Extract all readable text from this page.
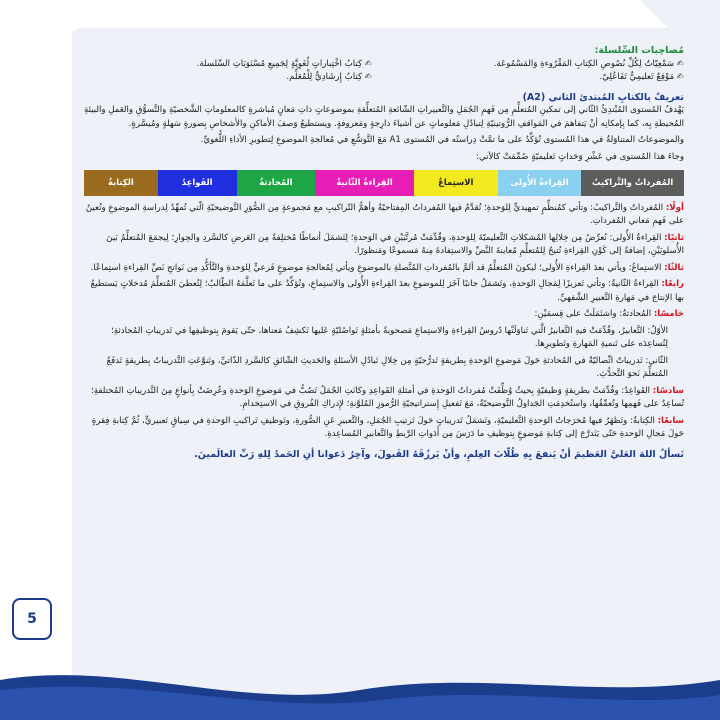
مُصاحِبات السِّلسلة:
✍ سَمْعِيّاتٌ لِكُلِّ نُصُوصِ الكِتابِ المَقْرُوءةِ وَالمَسْمُوعَة.
✍ كِتابُ اخْتِباراتٍ لُغَوِيَّةٍ لِجَمِيعِ مُسْتَوَيَاتِ السِّلسلة.
✍ مَوْقِعٌ تَعليمِيٌّ تَفَاعُلِيّ.
✍ كِتابٌ إِرشَادِيٌّ لِلْمُعَلِّم.
تعريفٌ بالكتابِ المُبتدئ الثاني (A2)

يَهْدفُ المُستوى المُبْتدِئُ الثّاني إلى تمكينِ المُتعلِّمِ مِن فَهمِ الجُمَلِ والتَّعبيراتِ الشّائعةِ المُتعلِّقةِ بموضوعاتٍ ذاتِ مَعانٍ مُباشرةٍ كالمعلوماتِ الشَّخصيّةِ والتَّسوُّقِ والعَملِ والبيئةِ المُحيطةِ بِه، كما بِإمكانِه أنْ يَتفاهمَ في المَواقفِ الرُّوتينيّةِ لِتبادُلِ مَعلوماتٍ عن أشياءَ دارِجةٍ ومَعروفةٍ. ويستطيعُ وَصفَ الأماكنِ والأشخاصِ بِصورةٍ سَهلةٍ ومُيسَّرةٍ.

والموضوعاتُ المتناوَلةُ في هذا المُستوى تُؤكِّدُ على ما تمَّتْ دِراستُه في المُستوى A1 مَعَ التَّوسُّعِ في مُعالجةِ الموضوعِ لِتطويرِ الأداءِ اللُّغويِّ.

وجاءَ هذا المُستوى في عَشْرِ وَحَداتٍ تَعليميّةٍ صُمِّمَتْ كالآتي:

المُفرداتُ والتَّراكيبُ
القِراءةُ الأُولى
الاستِماعُ
القِراءةُ الثّانيةُ
المُحادثةُ
القَواعِدُ
الكِتابةُ

أولًا: المُفرداتُ والتَّراكيبُ: وتأتي كمُنظِّمٍ تمهيديٍّ لِلوَحدةِ؛ تُقدَّمُ فيها المُفرداتُ المِفتاحيّةُ وأهمُّ التّراكيبِ مع مَجموعةٍ مِن الصُّوَرِ التَّوضيحيّةِ الّتي تُمهِّدُ لِدراسةِ الموضوعِ وتُعينُ على فَهمِ مَعاني المُفرداتِ.

ثانيًا: القِراءةُ الأُولى: نُعرِّضُ مِن خِلالِها المُشكلاتِ التَّعليميّةَ لِلوَحدةِ، وقُدِّمَتْ مُرتَّبَيْنِ في الوَحدةِ؛ لِتَشمَلَ أنماطًا مُختلِفةً مِن العَرضِ كالسَّردِ والحِوارِ؛ لِيجمَعَ المُتعلِّمُ بَينَ الأُسلوبَيْنِ، إضافةً إلى كَوْنِ القِراءةِ تُتيحُ لِلمُتعلِّمِ مُعاينةَ النَّصِّ والاستِفادةَ مِنهُ مَسموعًا ومَنظورًا.

ثالثًا: الاستِماعُ: ويأتي بعدَ القِراءةِ الأُولى؛ ليكونَ المُتعلِّمُ قد ألمَّ بالمُفرداتِ المُتَّصلةِ بالموضوعِ ويأتي لِمُعالجةِ موضوعٍ فَرعيٍّ لِلوَحدةِ والتَّأكُّدِ مِن نَواتجِ نَصِّ القِراءةِ استِماعًا.

رابعًا: القِراءةُ الثّانيةُ: وتأتي تَعزيزًا لِمَجالِ الوَحدةِ، وتَشمَلُ جانبًا آخَرَ لِلموضوعِ بعدَ القِراءةِ الأُولى والاستِماعِ، وتُؤكِّدُ على ما تَعلَّمَهُ الطّالبُ؛ لِتُعطيَ المُتعلِّمَ مُدخلاتٍ يَستطيعُ بها الإنتاجَ في مَهارةِ التَّعبيرِ الشَّفهيِّ.

خامسًا: المُحادثةُ: واشتَمَلَتْ على قِسمَيْنِ:

الأوّلُ: التَّعابيرُ، وقُدِّمَتْ فيهِ التَّعابيرُ الَّتي تَناوَلَتْها دُروسُ القِراءةِ والاستِماعِ مَصحوبةً بأمثلةٍ تَواصُليّةٍ عَليها تَكشِفُ مَعناها، حتّى يَقومَ بِتوظيفِها في تَدريباتِ المُحادثةِ؛ لِتُساعِدَه على تَنميةِ المَهارةِ وتَطويرِها.

الثّاني: تَدريباتٌ اتِّصاليّةٌ في المُحادثةِ حَولَ مَوضوعِ الوَحدةِ بِطريقةٍ تَدرُّجيّةٍ مِن خِلالِ تَبادُلِ الأسئلةِ والحَديثِ الشّائقِ كالسَّردِ الذّاتيِّ، وتَنوَّعَتِ التَّدريباتُ بِطريقةٍ تَدفَعُ المُتعلِّمَ نَحوَ التَّحدُّثِ.

سادسًا: القَواعِدُ: وقُدِّمَتْ بطريقةٍ وَظيفيّةٍ بِحيثُ وُظِّفَتْ مُفرداتُ الوَحدةِ في أمثلةِ القَواعِدِ وكانَتِ الجُمَلُ تَصُبُّ في مَوضوعِ الوَحدةِ وعُرِضَتْ بِأنواعٍ مِنَ التَّدريباتِ المُختلفةِ؛ تُساعِدُ على فَهمِها وتُعمِّقُها، واستُخدِمَتِ الجَداولُ التَّوضيحيّةُ، مَعَ تَفعيلِ إِستراتيجيّةِ الرُّموزِ المُلوَّنةِ؛ لإِدراكِ الفُروقِ في الاستِخدامِ.

سابعًا: الكِتابةُ: وتَظهَرُ فيها مُخرَجاتُ الوَحدةِ التَّعليميّةِ، وتَشمَلُ تَدريباتٍ حَولَ تَرتيبِ الجُمَلِ، والتَّعبيرِ عَنِ الصُّورةِ، وتَوظيفِ تَراكيبِ الوَحدةِ في سِياقٍ تَعبيريٍّ، ثُمَّ كِتابةِ فِقرةٍ حَولَ مَجالِ الوَحدةِ حَتّى يَتَدرَّجَ إلى كِتابةِ مَوضوعٍ بِتوظيفِ ما دَرَسَ مِن أَدَواتِ الرَّبطِ والتَّعابيرِ المُساعِدةِ.

نَسألُ اللهَ العَليَّ العَظيمَ أنْ يَنفعَ بِهِ طُلّابَ العِلمِ، وأنْ يَرزُقَهُ القَبولَ، وآخِرُ دَعوانا أنِ الحَمدُ لِلهِ رَبِّ العالَمينَ.
5
